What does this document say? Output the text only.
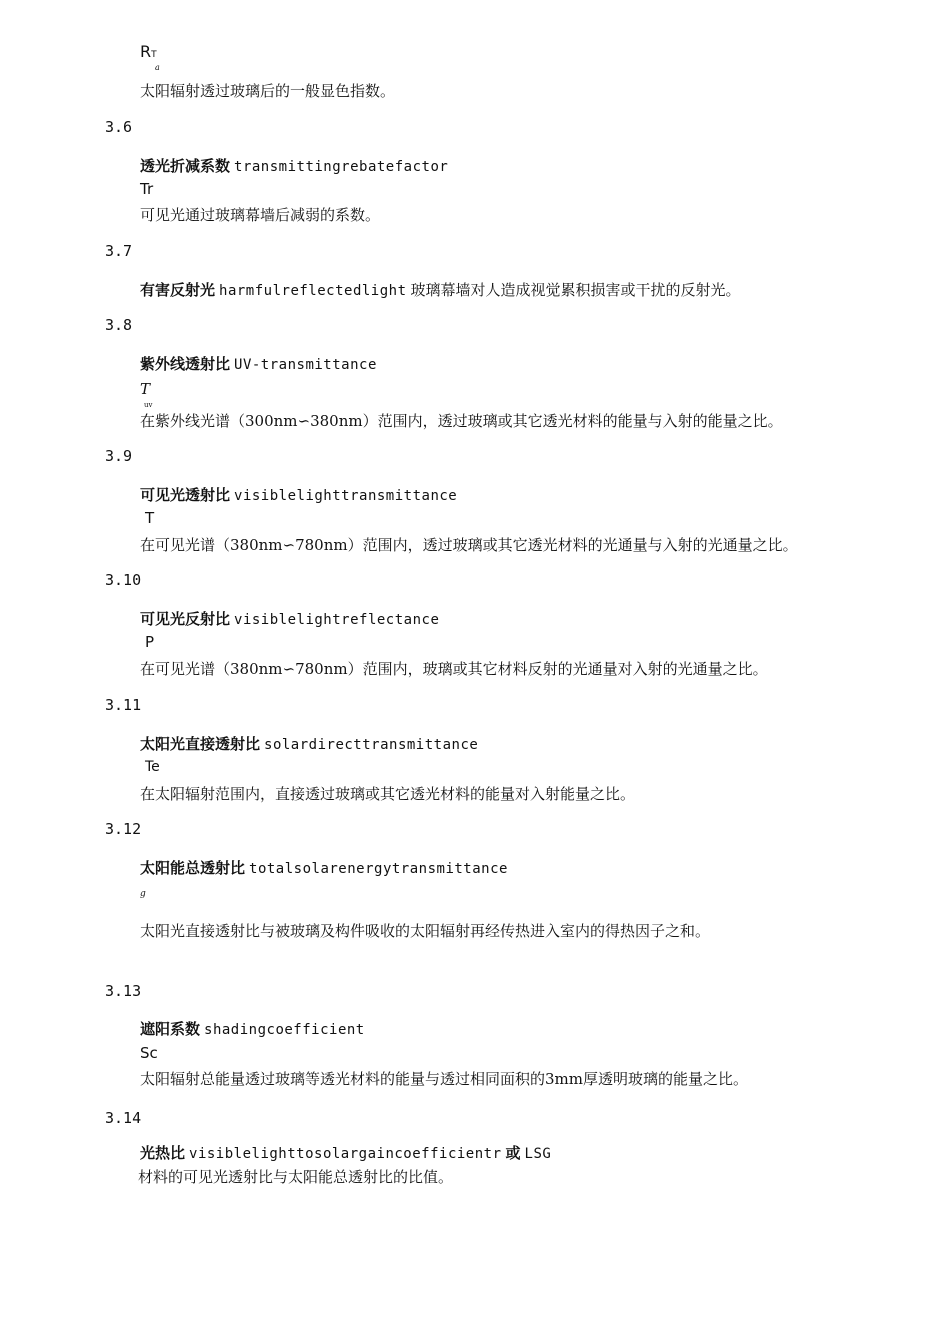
RT
a
太阳辐射透过玻璃后的一般显色指数。
3.6
透光折减系数 transmittingrebatefactor
Tr
可见光通过玻璃幕墙后减弱的系数。
3.7
有害反射光 harmfulreflectedlight 玻璃幕墙对人造成视觉累积损害或干扰的反射光。
3.8
紫外线透射比 UV-transmittance
T
uv
在紫外线光谱（300nm∽380nm）范围内，透过玻璃或其它透光材料的能量与入射的能量之比。
3.9
可见光透射比 visiblelighttransmittance
T
在可见光谱（380nm∽780nm）范围内，透过玻璃或其它透光材料的光通量与入射的光通量之比。
3.10
可见光反射比 visiblelightreflectance
P
在可见光谱（380nm∽780nm）范围内，玻璃或其它材料反射的光通量对入射的光通量之比。
3.11
太阳光直接透射比 solardirecttransmittance
Te
在太阳辐射范围内，直接透过玻璃或其它透光材料的能量对入射能量之比。
3.12
太阳能总透射比 totalsolarenergytransmittance
g
太阳光直接透射比与被玻璃及构件吸收的太阳辐射再经传热进入室内的得热因子之和。
3.13
遮阳系数 shadingcoefficient
Sc
太阳辐射总能量透过玻璃等透光材料的能量与透过相同面积的3mm厚透明玻璃的能量之比。
3.14
光热比 visiblelighttosolargaincoefficientr 或 LSG
材料的可见光透射比与太阳能总透射比的比值。
